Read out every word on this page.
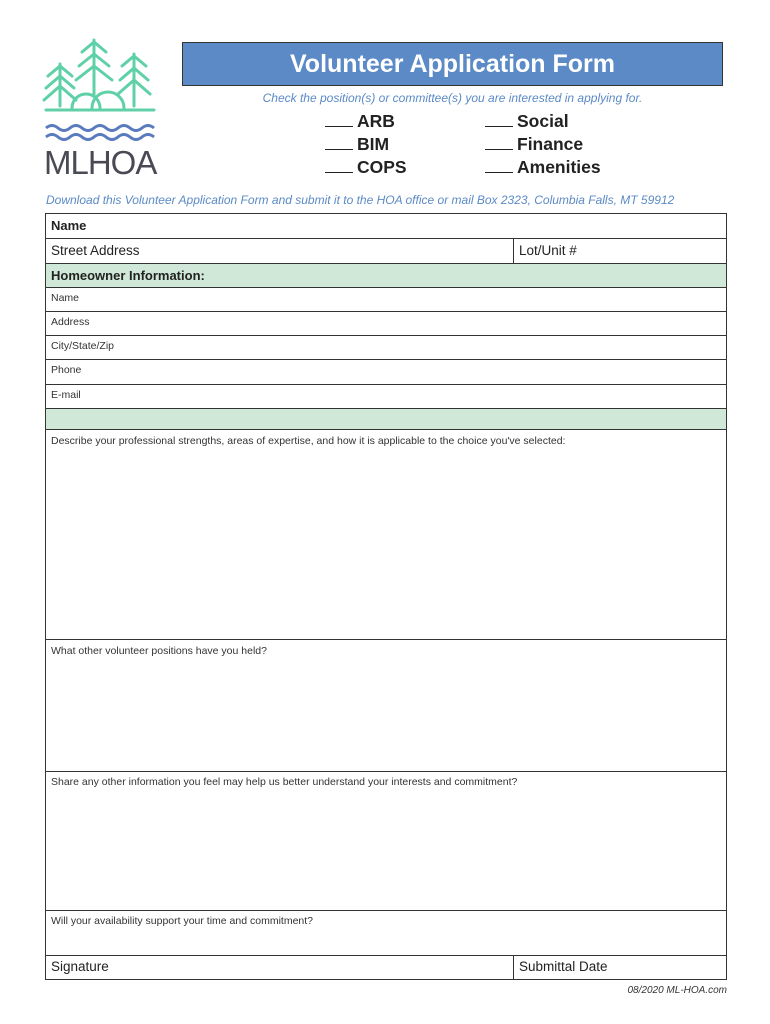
MLHOA
Volunteer Application Form
Check the position(s) or committee(s) you are interested in applying for.
ARB
BIM
COPS
Social
Finance
Amenities
Download this Volunteer Application Form and submit it to the HOA office or mail Box 2323, Columbia Falls, MT 59912
Name
Street Address	Lot/Unit #
Homeowner Information:
Name
Address
City/State/Zip
Phone
E-mail
Describe your professional strengths, areas of expertise, and how it is applicable to the choice you've selected:
What other volunteer positions have you held?
Share any other information you feel may help us better understand your interests and commitment?
Will your availability support your time and commitment?
Signature	Submittal Date
08/2020 ML-HOA.com
